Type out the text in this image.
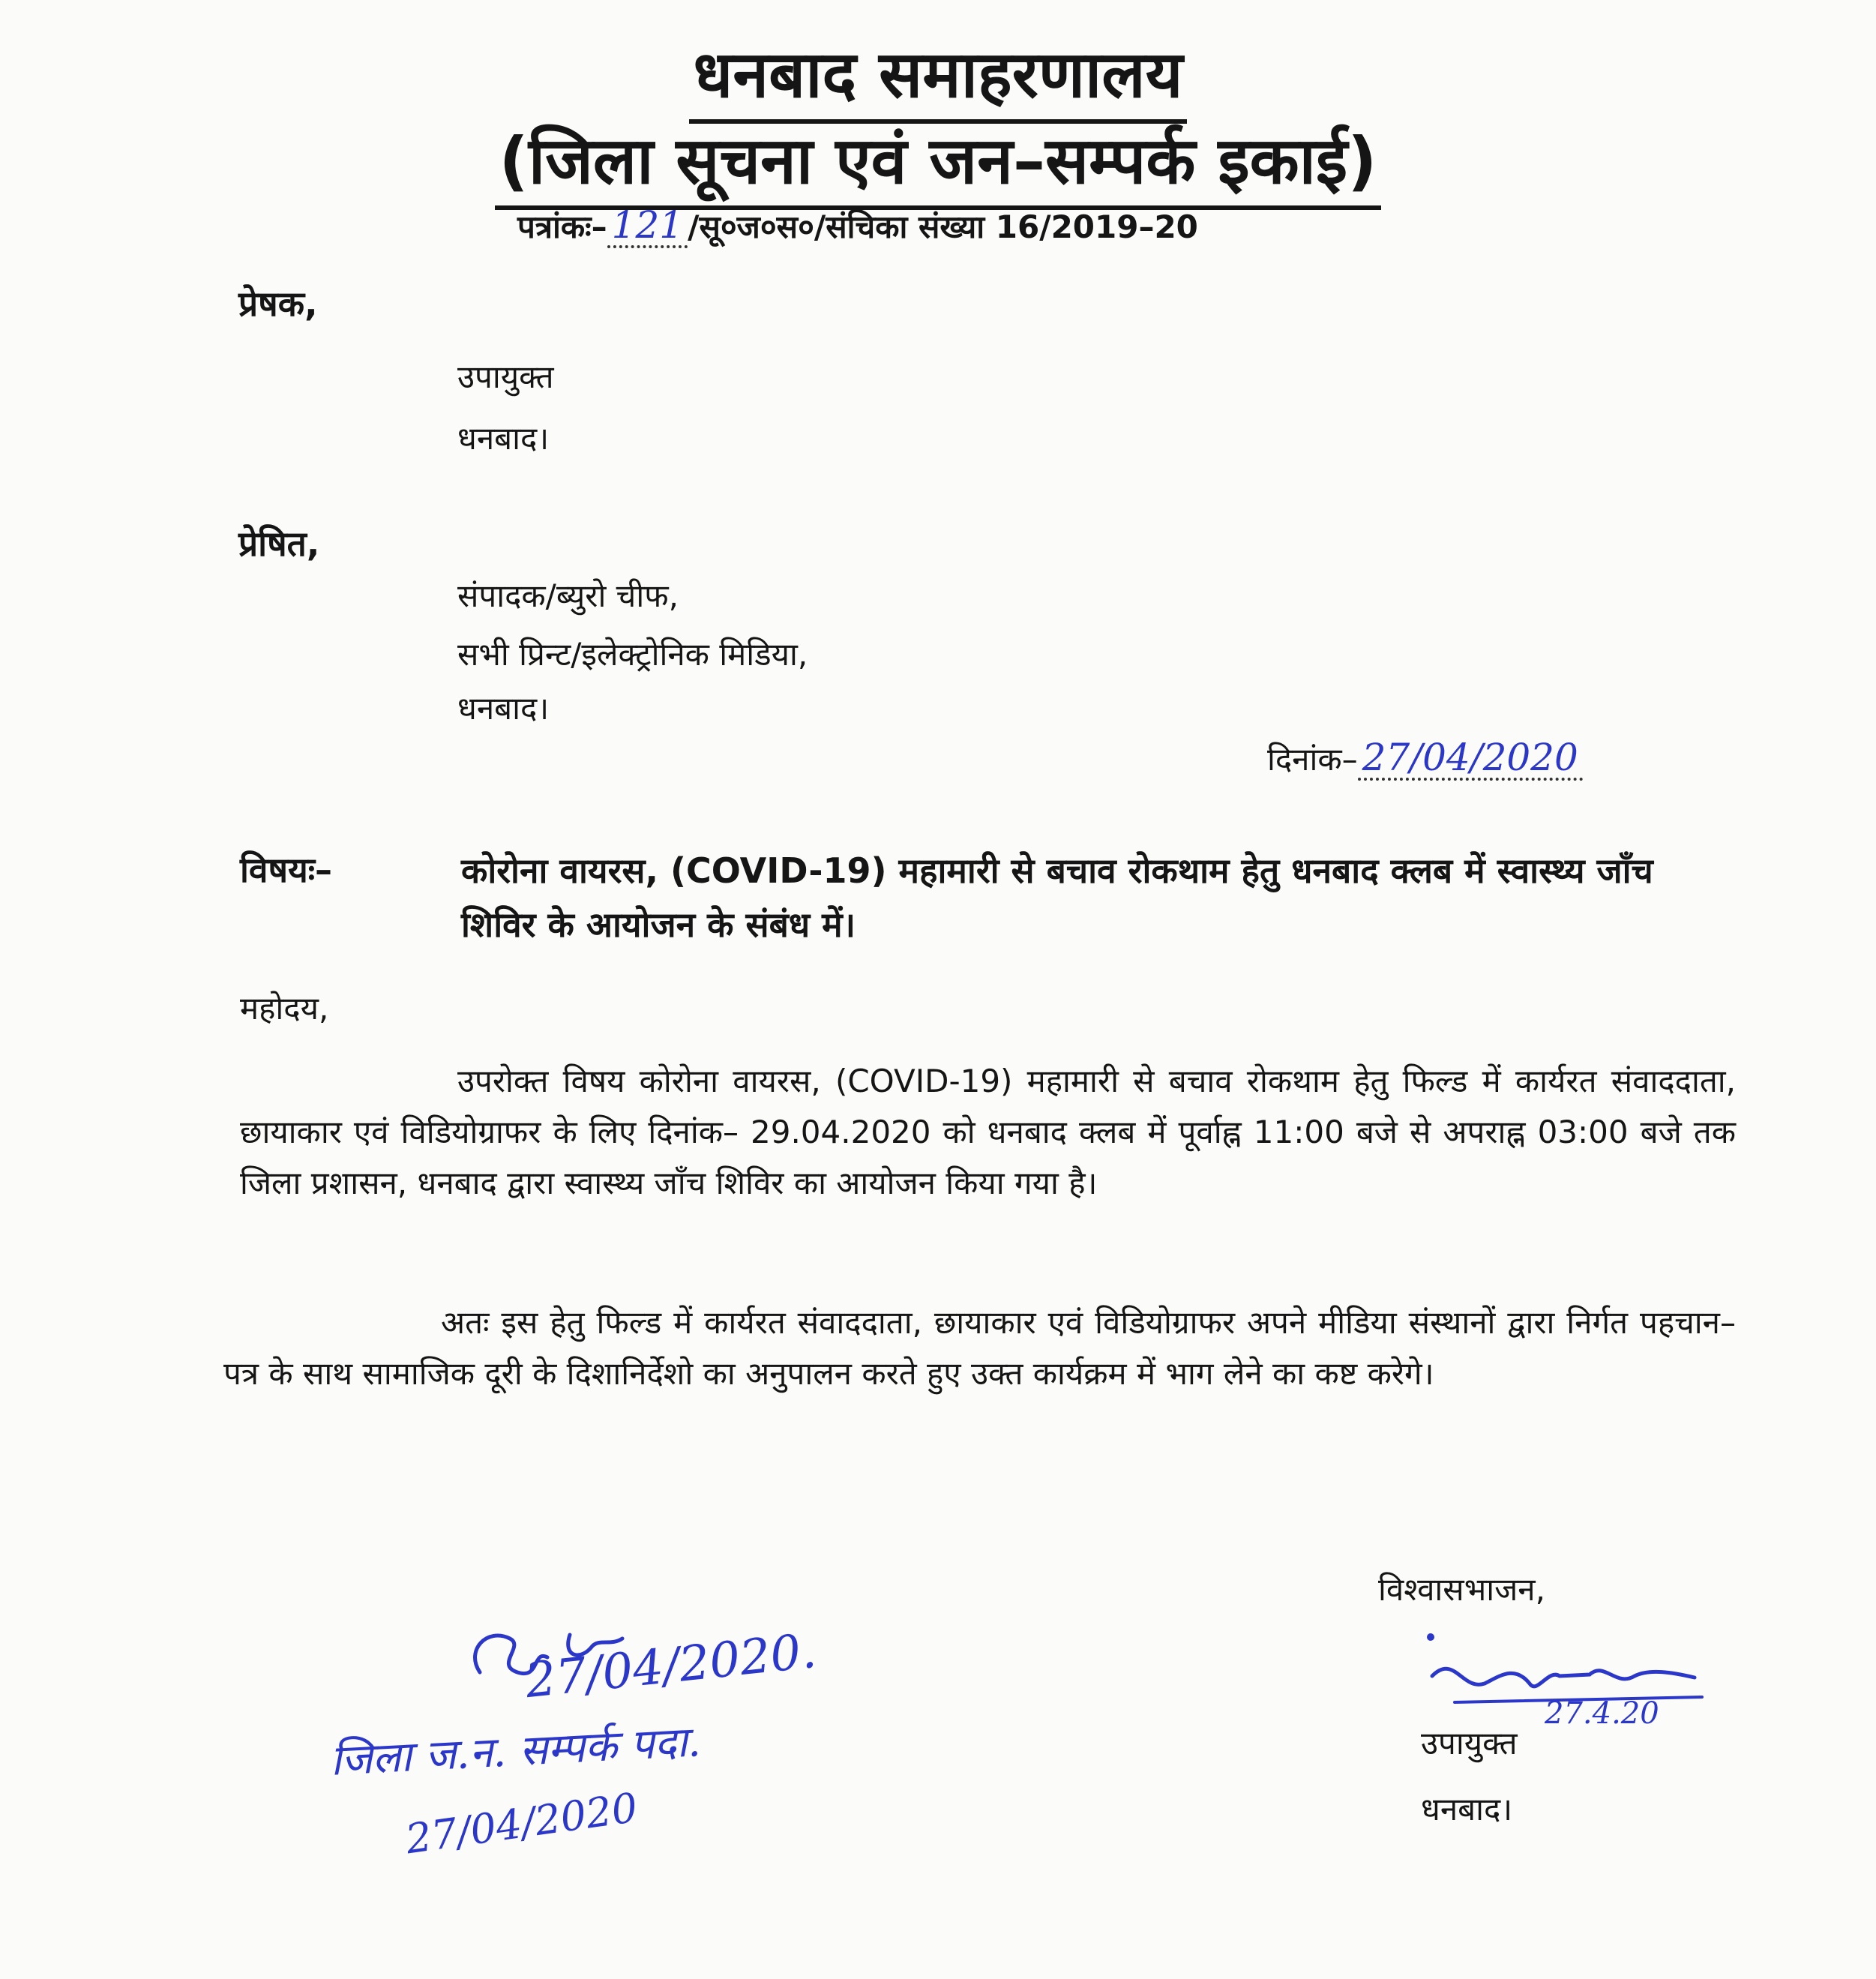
धनबाद समाहरणालय
(जिला सूचना एवं जन–सम्पर्क इकाई)
पत्रांकः– 121 /सू०ज०स०/संचिका संख्या 16/2019–20
प्रेषक,
उपायुक्त
धनबाद।
प्रेषित,
संपादक/ब्युरो चीफ,
सभी प्रिन्ट/इलेक्ट्रोनिक मिडिया,
धनबाद।
दिनांक– 27/04/2020
विषयः–	कोरोना वायरस, (COVID-19) महामारी से बचाव रोकथाम हेतु धनबाद क्लब में स्वास्थ्य जाँच शिविर के आयोजन के संबंध में।
महोदय,
उपरोक्त विषय कोरोना वायरस, (COVID-19) महामारी से बचाव रोकथाम हेतु फिल्ड में कार्यरत संवाददाता, छायाकार एवं विडियोग्राफर के लिए दिनांक– 29.04.2020 को धनबाद क्लब में पूर्वाह्न 11:00 बजे से अपराह्न 03:00 बजे तक जिला प्रशासन, धनबाद द्वारा स्वास्थ्य जाँच शिविर का आयोजन किया गया है।
अतः इस हेतु फिल्ड में कार्यरत संवाददाता, छायाकार एवं विडियोग्राफर अपने मीडिया संस्थानों द्वारा निर्गत पहचान–पत्र के साथ सामाजिक दूरी के दिशानिर्देशो का अनुपालन करते हुए उक्त कार्यक्रम में भाग लेने का कष्ट करेगे।
विश्वासभाजन,
27.4.20
उपायुक्त
धनबाद।
27/04/2020.
जिला ज.न. सम्पर्क पदा.
27/04/2020
